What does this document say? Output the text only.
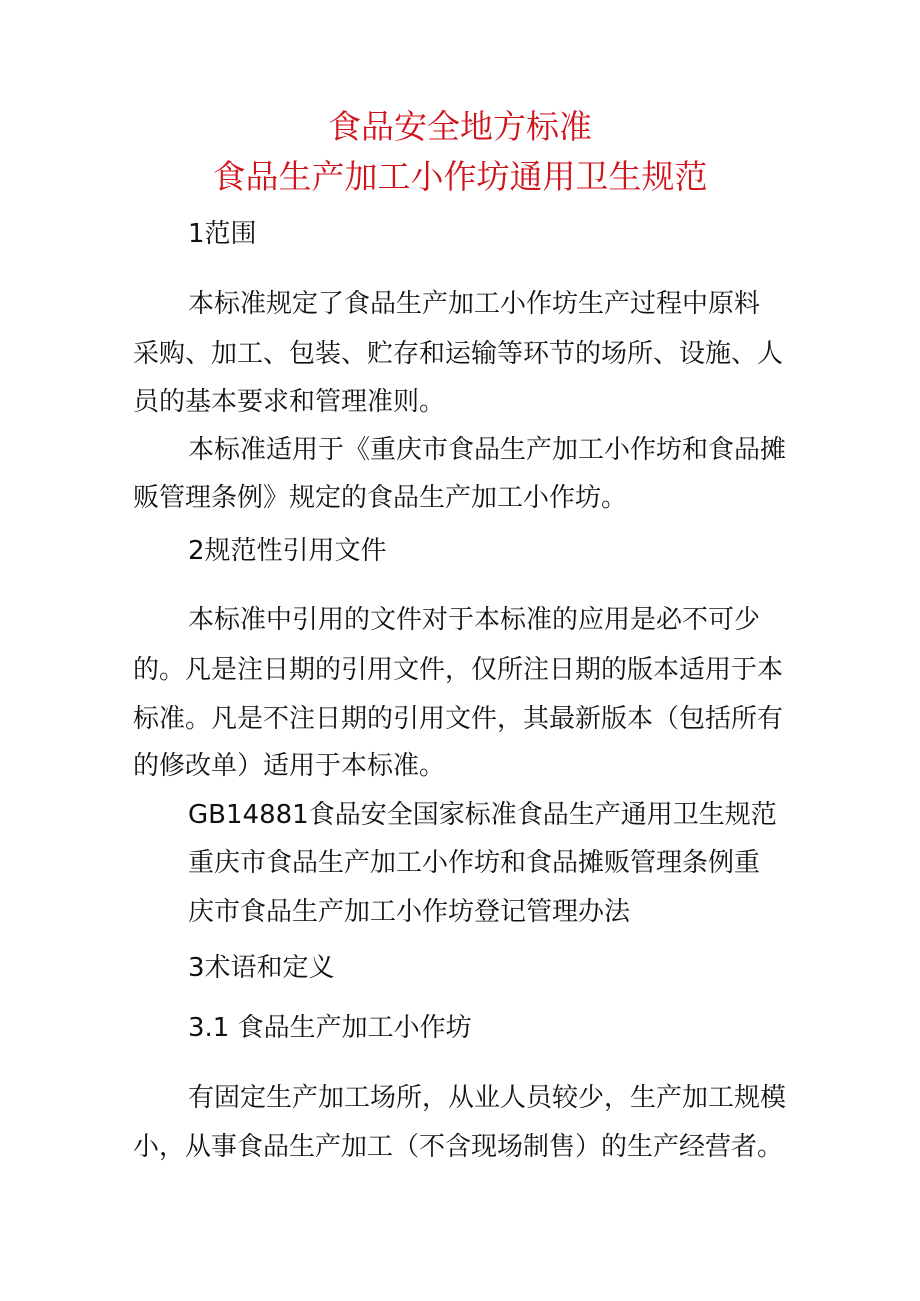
食品安全地方标准
食品生产加工小作坊通用卫生规范
1范围
本标准规定了食品生产加工小作坊生产过程中原料
采购、加工、包装、贮存和运输等环节的场所、设施、人
员的基本要求和管理准则。
本标准适用于《重庆市食品生产加工小作坊和食品摊
贩管理条例》规定的食品生产加工小作坊。
2规范性引用文件
本标准中引用的文件对于本标准的应用是必不可少
的。凡是注日期的引用文件，仅所注日期的版本适用于本
标准。凡是不注日期的引用文件，其最新版本（包括所有
的修改单）适用于本标准。
GB14881食品安全国家标准食品生产通用卫生规范
重庆市食品生产加工小作坊和食品摊贩管理条例重
庆市食品生产加工小作坊登记管理办法
3术语和定义
3.1 食品生产加工小作坊
有固定生产加工场所，从业人员较少，生产加工规模
小，从事食品生产加工（不含现场制售）的生产经营者。
